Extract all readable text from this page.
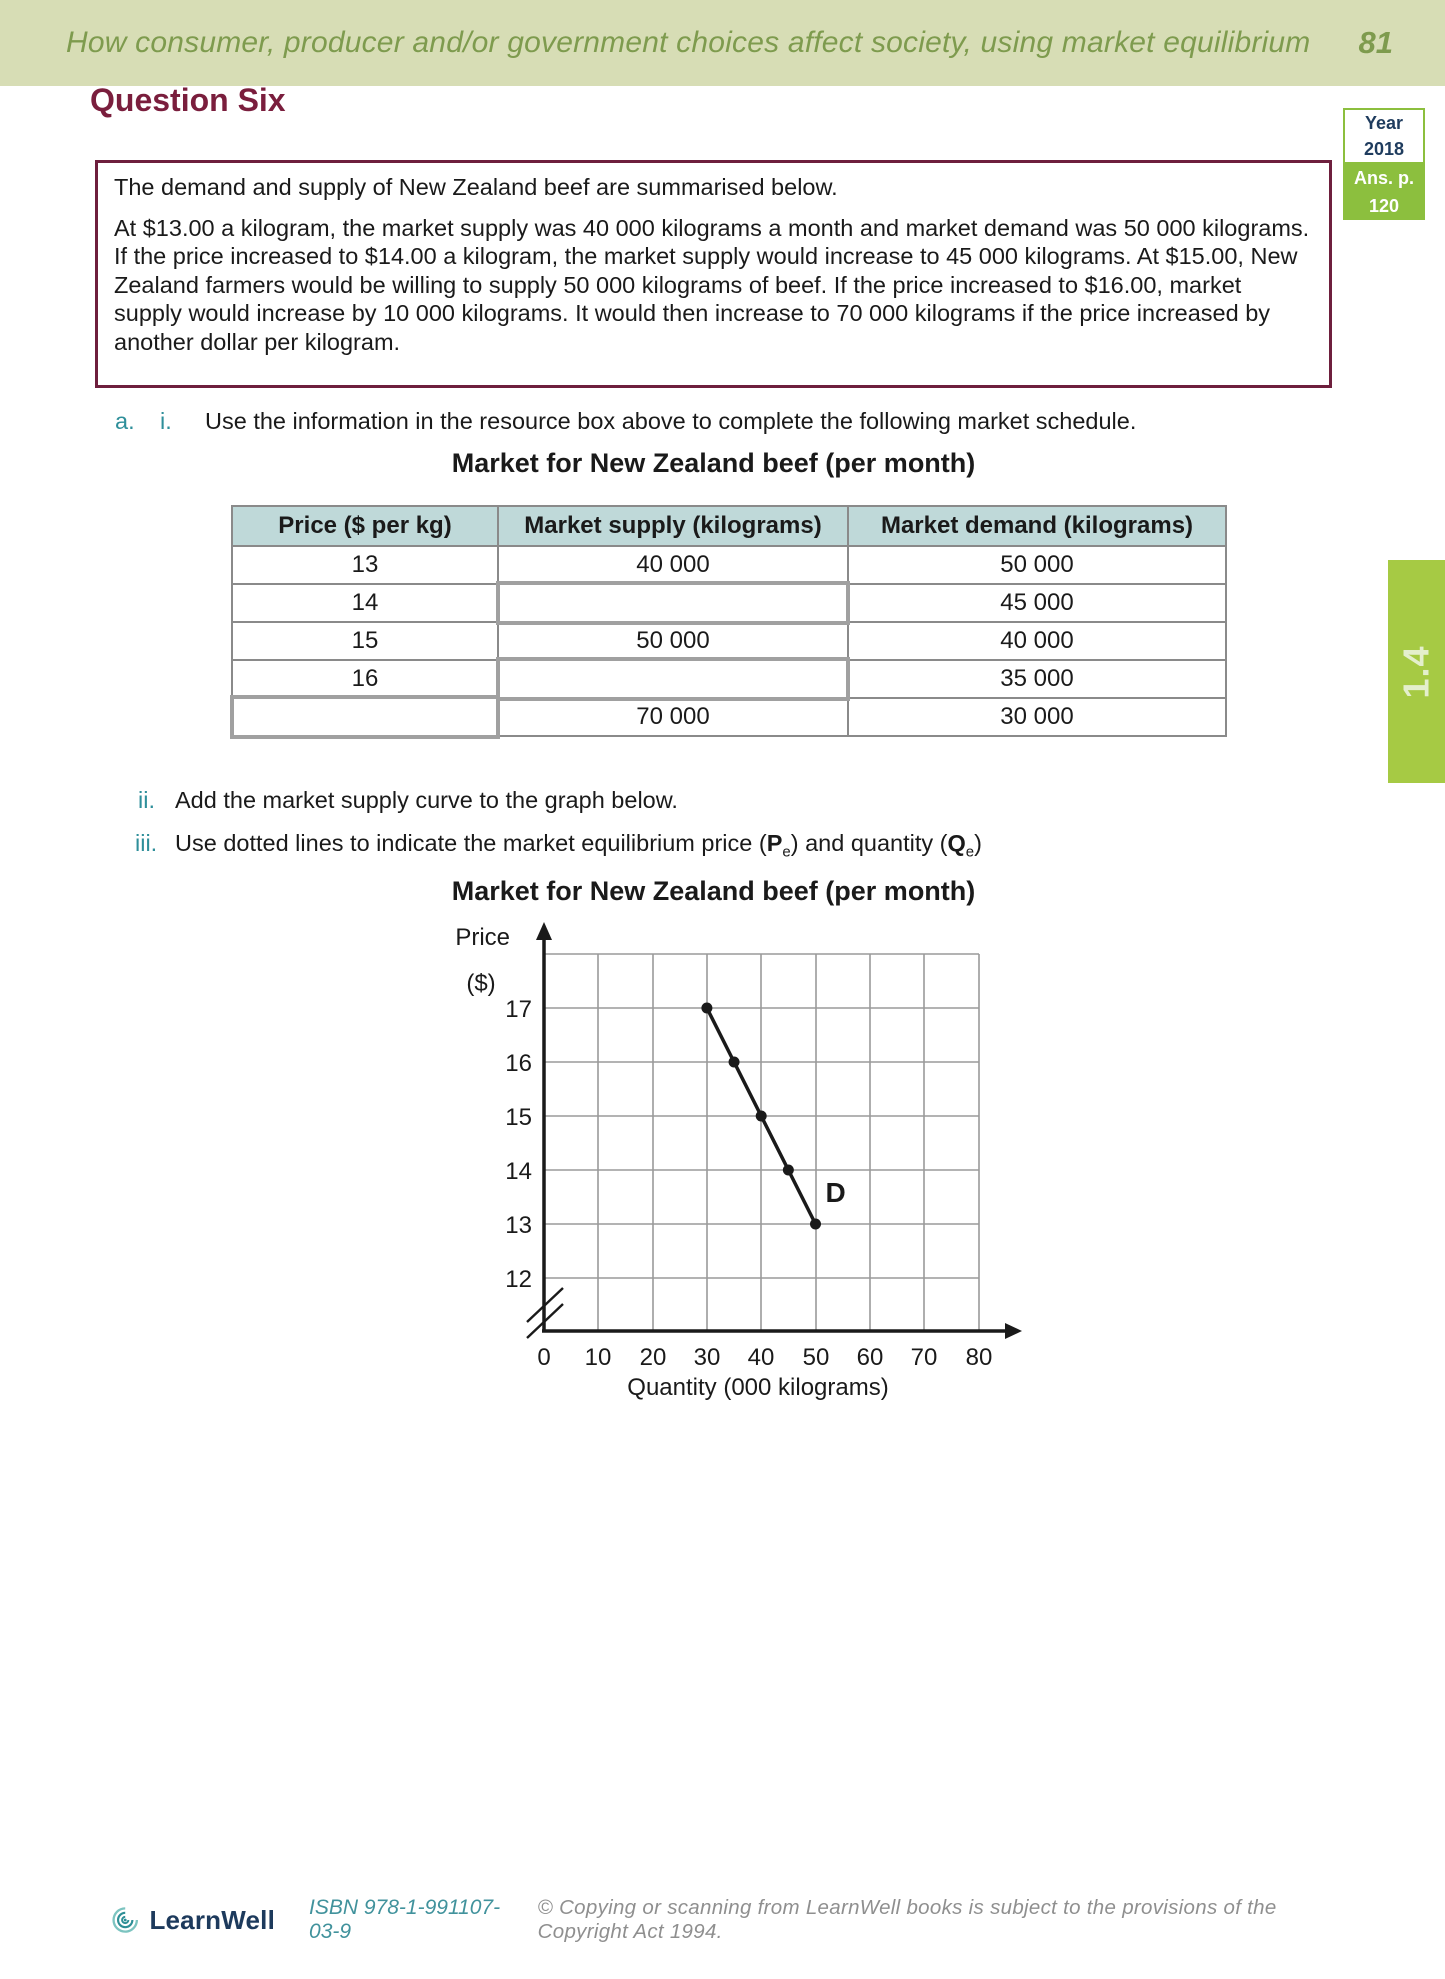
How consumer, producer and/or government choices affect society, using market equilibrium 81
Question Six
Year 2018
Ans. p. 120

The demand and supply of New Zealand beef are summarised below.

At $13.00 a kilogram, the market supply was 40 000 kilograms a month and market demand was 50 000 kilograms. If the price increased to $14.00 a kilogram, the market supply would increase to 45 000 kilograms. At $15.00, New Zealand farmers would be willing to supply 50 000 kilograms of beef. If the price increased to $16.00, market supply would increase by 10 000 kilograms. It would then increase to 70 000 kilograms if the price increased by another dollar per kilogram.

a. i. Use the information in the resource box above to complete the following market schedule.
Market for New Zealand beef (per month)
Price ($ per kg)	Market supply (kilograms)	Market demand (kilograms)
13	40 000	50 000
14		45 000
15	50 000	40 000
16		35 000
	70 000	30 000
ii. Add the market supply curve to the graph below.
iii. Use dotted lines to indicate the market equilibrium price $(P_e)$ and quantity $(Q_e)$
Market for New Zealand beef (per month)
17
16
15
14
13
12
0 10 20 30 40 50 60 70 80
Price
($)
Quantity (000 kilograms)
D
1.4
LearnWell ISBN 978-1-991107-03-9
© Copying or scanning from LearnWell books is subject to the provisions of the Copyright Act 1994.
